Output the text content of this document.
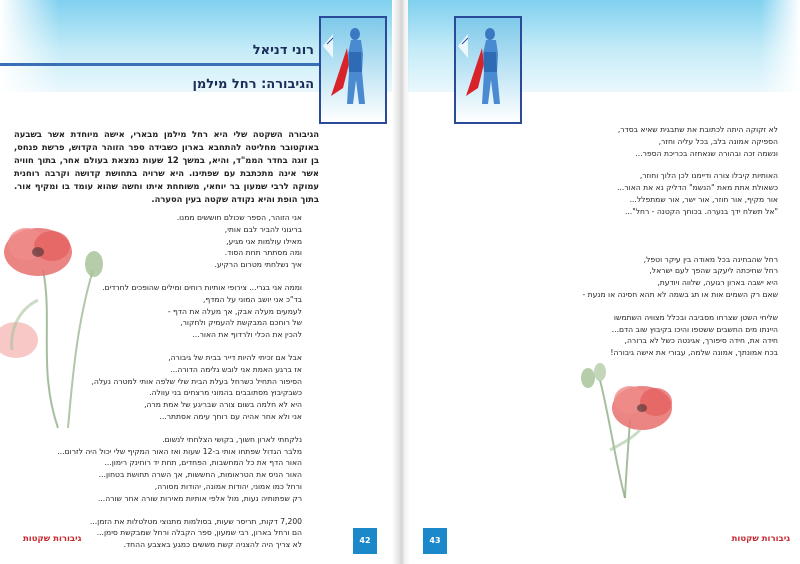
רוני דניאל
הגיבורה: רחל מילמן
הגיבורה השקטה שלי היא רחל מילמן מבארי, אישה מיוחדת אשר בשבעה באוקטובר מחליטה להתחבא בארון כשבידה ספר הזוהר הקדוש, פרשת פנחס, בן זוגה בחדר הממ"ד, והיא, במשך 12 שעות נמצאת בעולם אחר, בתוך חוויה אשר אינה מתכתבת עם שפתינו. היא שרויה בתחושת קדושה וקרבה רוחנית עמוקה לרבי שמעון בר יוחאי, משוחחת איתו וחשה שהוא עומד בו ומקיף אור. בתוך הופת והיא נקודה שקטה בעין הסערה.
אני הזוהר, הספר שכולם חוששים ממנו.
בריגוני להביר לבם אותי,
מאילו עולמות אני מגיע,
ומה מסתתר תחת הסוד.
איך נשלחתי מטרום הרקיע.
וממה אני בגרי... צירופי אותיות רוחים ומילים שהופכים לחרדים.
בד"כ אני יושב המוני על המדף,
לעמעים מעלה אבק, אך מעלה את הדף -
של רוחכם המבקשת להעמיק ולחקור,
להכין את הכלי ולרדוף את האור...
אבל אם זכיתי להיות דייר בבית של גיבורה,
אז ברגע האמת אני לובש גלימה הדורה...
הסיפור התחיל כשרחל בעלת הבית שלי שלפה אותי למטרה נעלה,
כשבקיבוץ מסתובבים בהמוני מרצחים בני עוולה.
היא לא חלמה בשום צורה שבריגע של אמת מרה,
אני ולא אחר אהיה עם רוחך עימה אסתתר...
נלקחתי לארון חשוך, בקושי הצלחתי לנשום.
מלבר הגדול שפתחו אותי ב-12 שעות ואז האור המקיף שלי יכול היה לזרום...
האור הדף את כל המחשבות, הפחדים, תחת יד רוחינק רימון...
האור הניס את הטראומות, החששות, אך השרה תחושת בטחון...
ורחל כמו אמוני, יהודות אמונה, יהודות מסורה,
רק שפתותיה נעות, מול אלפי אותיות מאירות שורה אחר שורה...
7,200 דקות, תריסר שעות, בסולמות מתנוצי מטלטלות את הזמן...
הם ורחל בארון, רבי שמעון, ספר הקבלה ורחל שמבקשת סימן...
לא צריך היה להצניה קשת מששים כמגע באצבע ההחד.	42
גיבורות שקטות
לא זקוקה היתה לכתובת את שתבגית שאיא בסדר,
הספיקה אמונה בלב, בכל עליה וחזר,
ונשמה זכה ובהורה שנאחזה בכריכת הספר...
האותיות קיבלו צורה ודיימנו לכן הלוך וחוזר,
כשאולת אתת מאת "הנשמ" הדליק נא את האור...
אור מקיף, אור חוזר, אור ישר, אור שמתפלל...
"אל תשלח ידך בנערה. בכוחך הקטנה - רחל"...
רחל שהבחינה בכל מאודה בין עיקר וטפל,
רחל שחיכתה ליעקב שהפך לעם ישראל,
היא ישבה בארון רגועה, שלווה ויודעת,
שאם רק השמים אות או תג בשמה לא תהא חסינה או מנעת -
שליחי השטן שצרחו מסביבה ובכלל מצוויה השתמשו
היינתו מים החשבים ששטפו והיכו בקיבוץ שוב הדם...
חידה את, חידה סיפורך, אגינטה כשל לא ברורה,
בכח אמונתך, אמונה שלמה, עבורי את אישה גיבורה!
43	גיבורות שקטות
